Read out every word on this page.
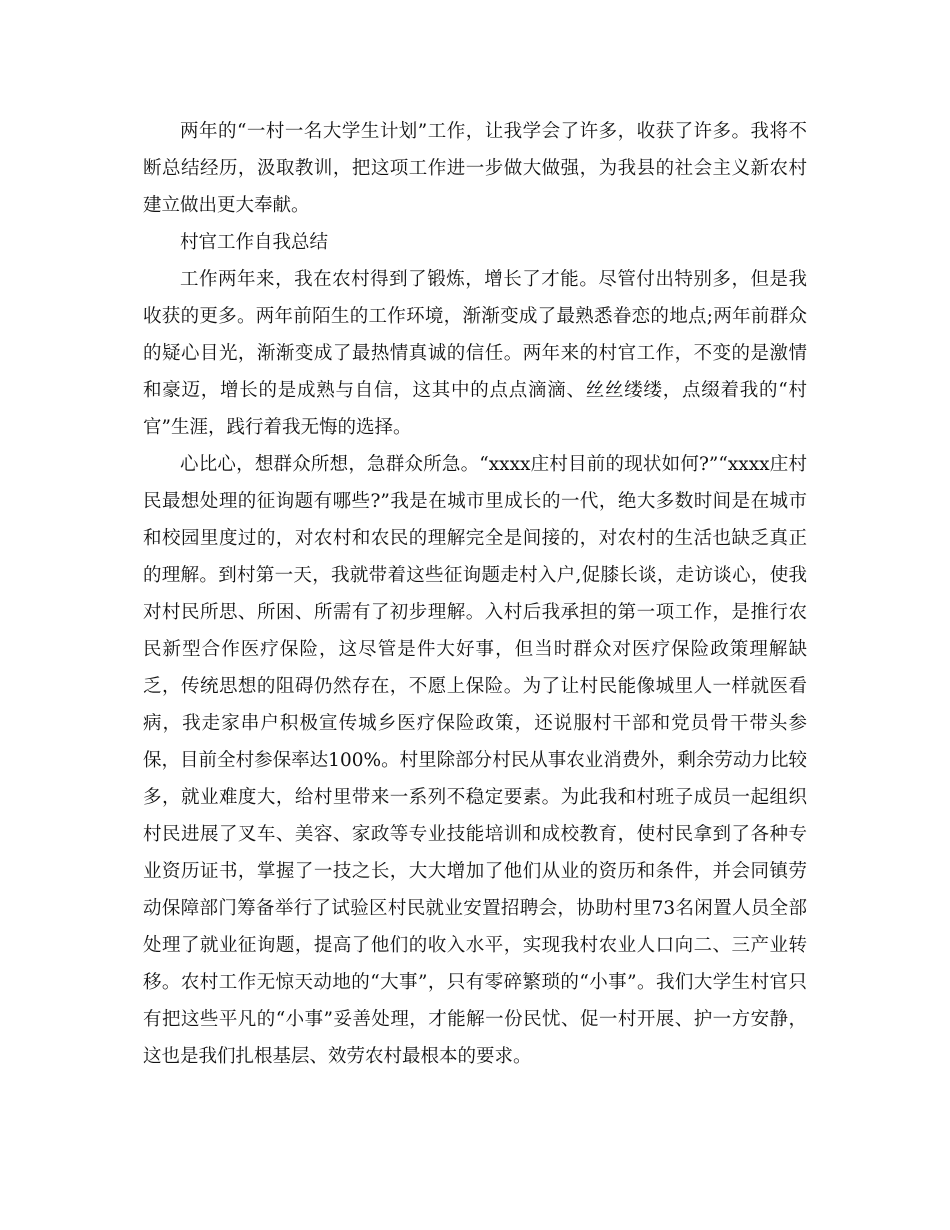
两年的“一村一名大学生计划”工作，让我学会了许多，收获了许多。我将不断总结经历，汲取教训，把这项工作进一步做大做强，为我县的社会主义新农村建立做出更大奉献。

村官工作自我总结

工作两年来，我在农村得到了锻炼，增长了才能。尽管付出特别多，但是我收获的更多。两年前陌生的工作环境，渐渐变成了最熟悉眷恋的地点;两年前群众的疑心目光，渐渐变成了最热情真诚的信任。两年来的村官工作，不变的是激情和豪迈，增长的是成熟与自信，这其中的点点滴滴、丝丝缕缕，点缀着我的“村官”生涯，践行着我无悔的选择。

心比心，想群众所想，急群众所急。“xxxx庄村目前的现状如何?”“xxxx庄村民最想处理的征询题有哪些?”我是在城市里成长的一代，绝大多数时间是在城市和校园里度过的，对农村和农民的理解完全是间接的，对农村的生活也缺乏真正的理解。到村第一天，我就带着这些征询题走村入户,促膝长谈，走访谈心，使我对村民所思、所困、所需有了初步理解。入村后我承担的第一项工作，是推行农民新型合作医疗保险，这尽管是件大好事，但当时群众对医疗保险政策理解缺乏，传统思想的阻碍仍然存在，不愿上保险。为了让村民能像城里人一样就医看病，我走家串户积极宣传城乡医疗保险政策，还说服村干部和党员骨干带头参保，目前全村参保率达100%。村里除部分村民从事农业消费外，剩余劳动力比较多，就业难度大，给村里带来一系列不稳定要素。为此我和村班子成员一起组织村民进展了叉车、美容、家政等专业技能培训和成校教育，使村民拿到了各种专业资历证书，掌握了一技之长，大大增加了他们从业的资历和条件，并会同镇劳动保障部门筹备举行了试验区村民就业安置招聘会，协助村里73名闲置人员全部处理了就业征询题，提高了他们的收入水平，实现我村农业人口向二、三产业转移。农村工作无惊天动地的“大事”，只有零碎繁琐的“小事”。我们大学生村官只有把这些平凡的“小事”妥善处理，才能解一份民忧、促一村开展、护一方安静，这也是我们扎根基层、效劳农村最根本的要求。
